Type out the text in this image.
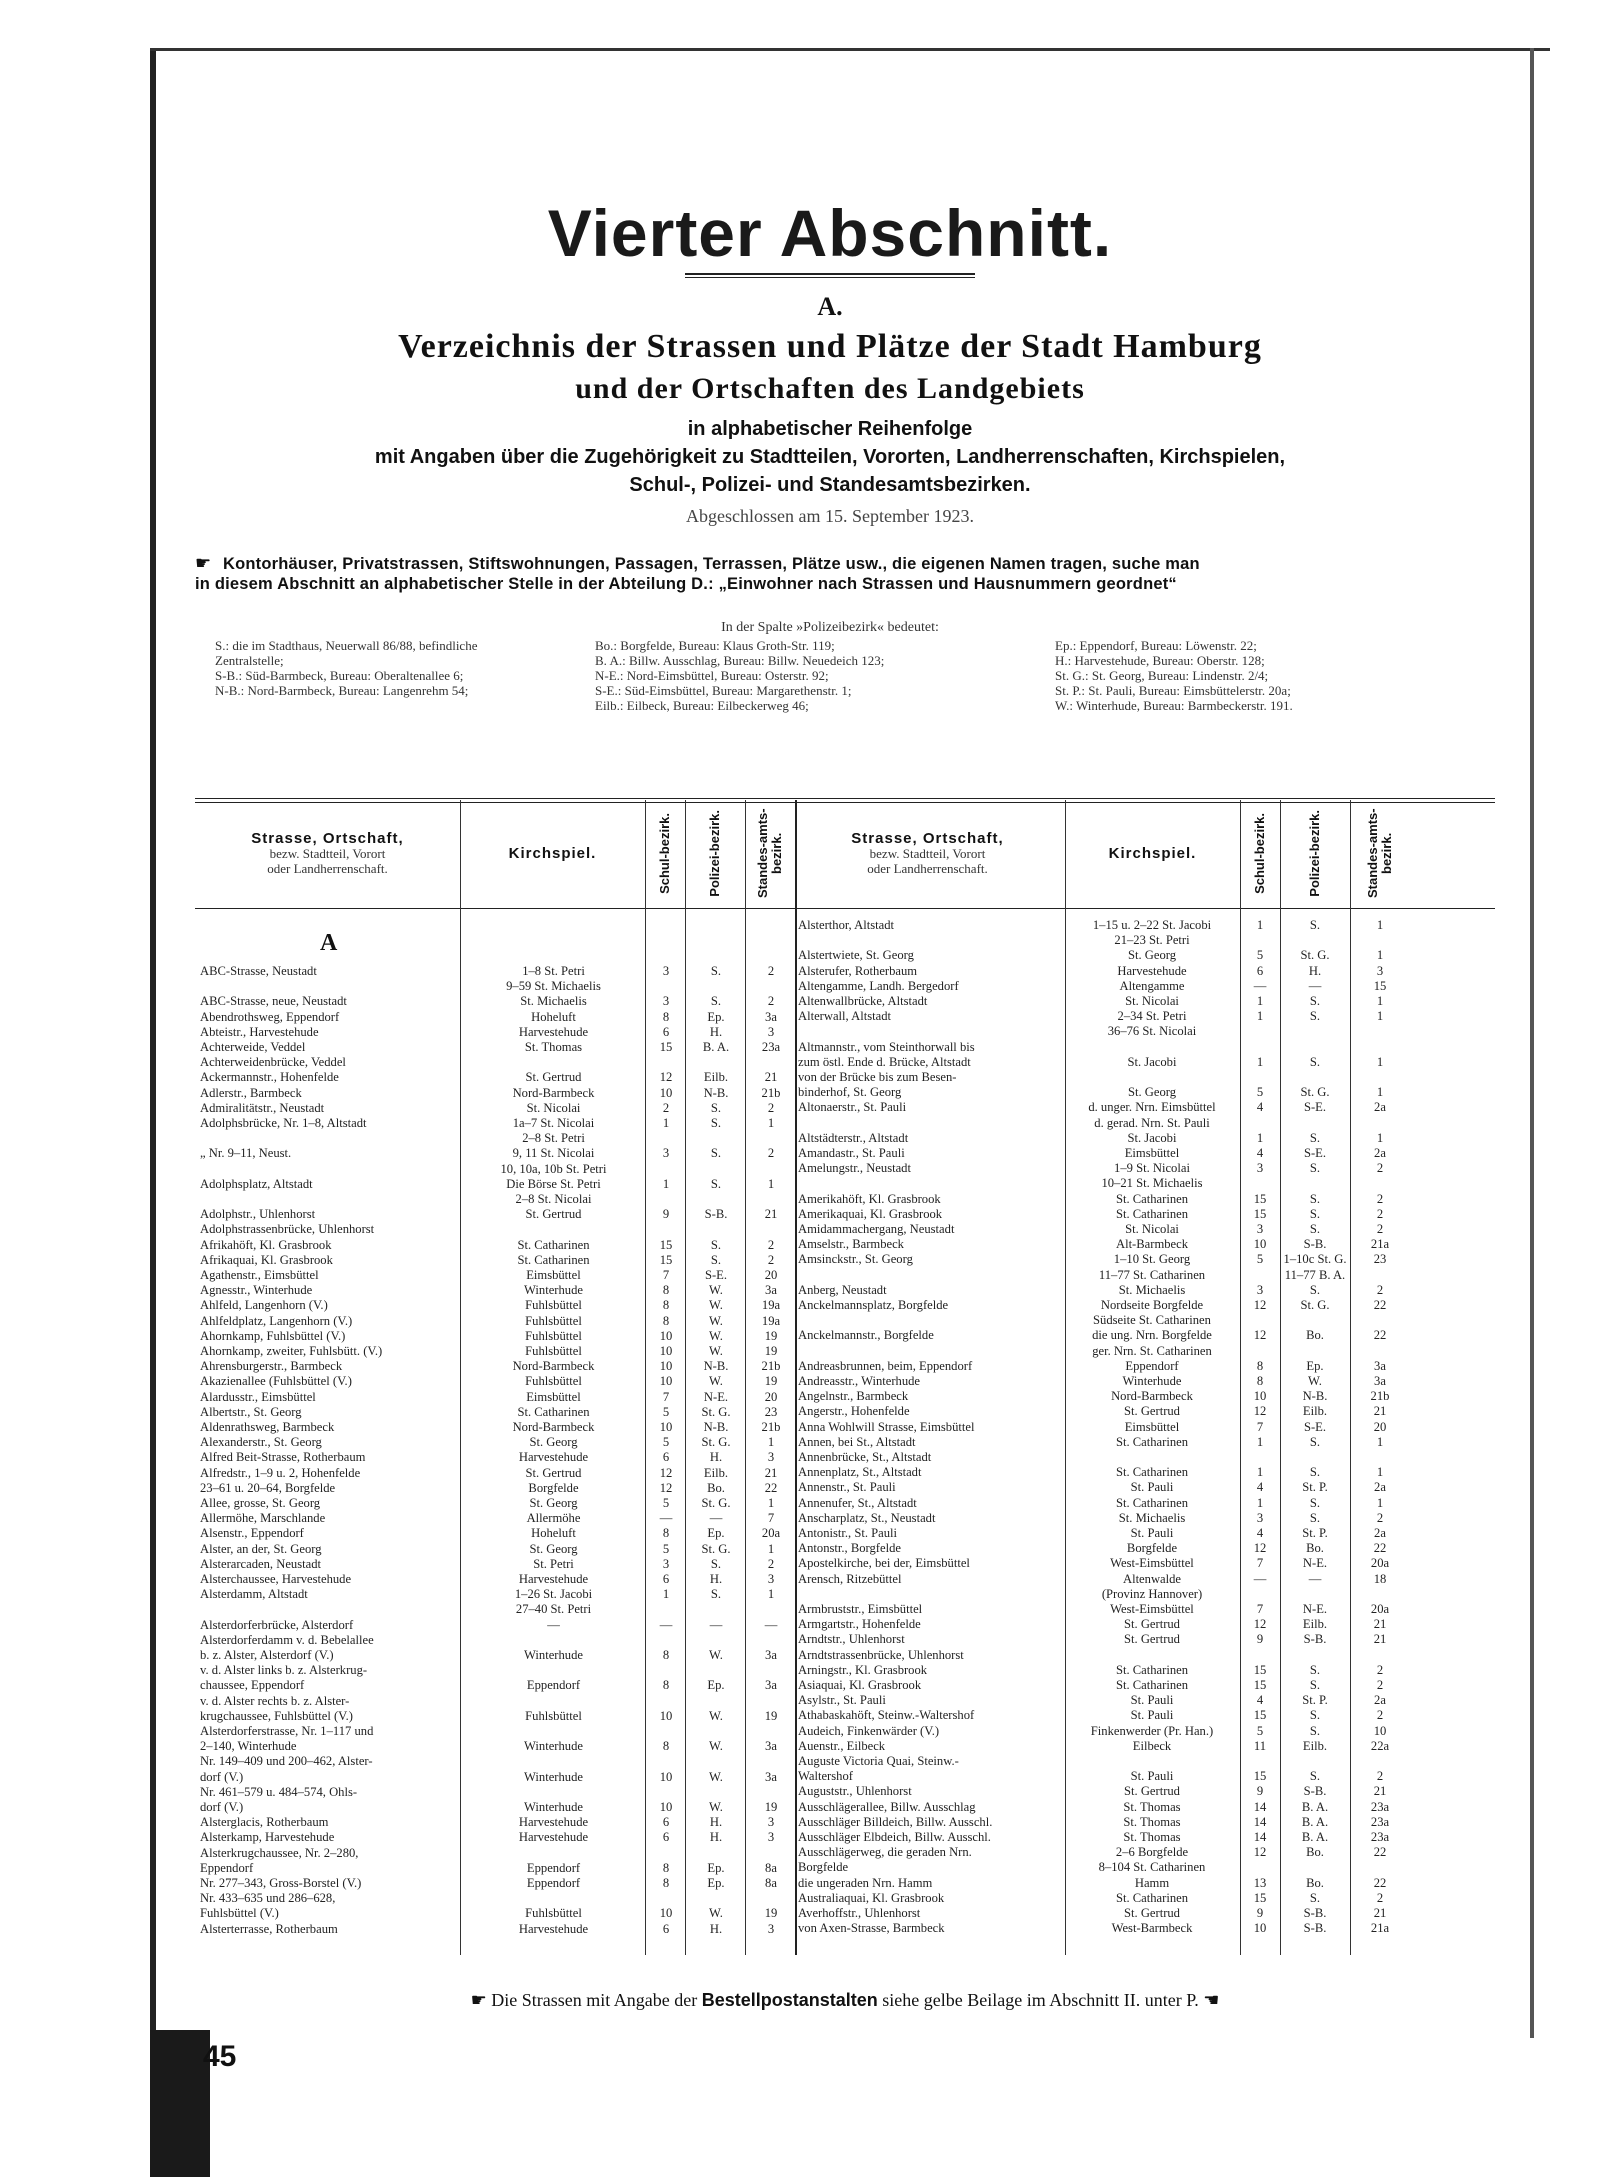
Vierter Abschnitt.
A.
Verzeichnis der Strassen und Plätze der Stadt Hamburg
und der Ortschaften des Landgebiets
in alphabetischer Reihenfolge
mit Angaben über die Zugehörigkeit zu Stadtteilen, Vororten, Landherrenschaften, Kirchspielen,
Schul-, Polizei- und Standesamtsbezirken.
Abgeschlossen am 15. September 1923.
☛ Kontorhäuser, Privatstrassen, Stiftswohnungen, Passagen, Terrassen, Plätze usw., die eigenen Namen tragen, suche man
in diesem Abschnitt an alphabetischer Stelle in der Abteilung D.: „Einwohner nach Strassen und Hausnummern geordnet“
In der Spalte »Polizeibezirk« bedeutet:
S.: die im Stadthaus, Neuerwall 86/88, befindliche
Zentralstelle;
S-B.: Süd-Barmbeck, Bureau: Oberaltenallee 6;
N-B.: Nord-Barmbeck, Bureau: Langenrehm 54;
Bo.: Borgfelde, Bureau: Klaus Groth-Str. 119;
B. A.: Billw. Ausschlag, Bureau: Billw. Neuedeich 123;
N-E.: Nord-Eimsbüttel, Bureau: Osterstr. 92;
S-E.: Süd-Eimsbüttel, Bureau: Margarethenstr. 1;
Eilb.: Eilbeck, Bureau: Eilbeckerweg 46;
Ep.: Eppendorf, Bureau: Löwenstr. 22;
H.: Harvestehude, Bureau: Oberstr. 128;
St. G.: St. Georg, Bureau: Lindenstr. 2/4;
St. P.: St. Pauli, Bureau: Eimsbüttelerstr. 20a;
W.: Winterhude, Bureau: Barmbeckerstr. 191.
Strasse, Ortschaft,
bezw. Stadtteil, Vorort
oder Landherrenschaft.
Kirchspiel.	Schul-bezirk.	Polizei-bezirk.	Standes-amts-bezirk.	Strasse, Ortschaft,
bezw. Stadtteil, Vorort
oder Landherrenschaft.
Kirchspiel.	Schul-bezirk.	Polizei-bezirk.	Standes-amts-bezirk.
A
ABC-Strasse, Neustadt	1–8 St. Petri	3	S.	2
9–59 St. Michaelis
ABC-Strasse, neue, Neustadt	St. Michaelis	3	S.	2
Abendrothsweg, Eppendorf	Hoheluft	8	Ep.	3a
Abteistr., Harvestehude	Harvestehude	6	H.	3
Achterweide, Veddel	St. Thomas	15	B. A.	23a
Achterweidenbrücke, Veddel
Ackermannstr., Hohenfelde	St. Gertrud	12	Eilb.	21
Adlerstr., Barmbeck	Nord-Barmbeck	10	N-B.	21b
Admiralitätstr., Neustadt	St. Nicolai	2	S.	2
Adolphsbrücke, Nr. 1–8, Altstadt	1a–7 St. Nicolai	1	S.	1
2–8 St. Petri
„ Nr. 9–11, Neust.	9, 11 St. Nicolai	3	S.	2
10, 10a, 10b St. Petri
Adolphsplatz, Altstadt	Die Börse St. Petri	1	S.	1
2–8 St. Nicolai
Adolphstr., Uhlenhorst	St. Gertrud	9	S-B.	21
Adolphstrassenbrücke, Uhlenhorst
Afrikahöft, Kl. Grasbrook	St. Catharinen	15	S.	2
Afrikaquai, Kl. Grasbrook	St. Catharinen	15	S.	2
Agathenstr., Eimsbüttel	Eimsbüttel	7	S-E.	20
Agnesstr., Winterhude	Winterhude	8	W.	3a
Ahlfeld, Langenhorn (V.)	Fuhlsbüttel	8	W.	19a
Ahlfeldplatz, Langenhorn (V.)	Fuhlsbüttel	8	W.	19a
Ahornkamp, Fuhlsbüttel (V.)	Fuhlsbüttel	10	W.	19
Ahornkamp, zweiter, Fuhlsbütt. (V.)	Fuhlsbüttel	10	W.	19
Ahrensburgerstr., Barmbeck	Nord-Barmbeck	10	N-B.	21b
Akazienallee (Fuhlsbüttel (V.)	Fuhlsbüttel	10	W.	19
Alardusstr., Eimsbüttel	Eimsbüttel	7	N-E.	20
Albertstr., St. Georg	St. Catharinen	5	St. G.	23
Aldenrathsweg, Barmbeck	Nord-Barmbeck	10	N-B.	21b
Alexanderstr., St. Georg	St. Georg	5	St. G.	1
Alfred Beit-Strasse, Rotherbaum	Harvestehude	6	H.	3
Alfredstr., 1–9 u. 2, Hohenfelde	St. Gertrud	12	Eilb.	21
23–61 u. 20–64, Borgfelde	Borgfelde	12	Bo.	22
Allee, grosse, St. Georg	St. Georg	5	St. G.	1
Allermöhe, Marschlande	Allermöhe	—	—	7
Alsenstr., Eppendorf	Hoheluft	8	Ep.	20a
Alster, an der, St. Georg	St. Georg	5	St. G.	1
Alsterarcaden, Neustadt	St. Petri	3	S.	2
Alsterchaussee, Harvestehude	Harvestehude	6	H.	3
Alsterdamm, Altstadt	1–26 St. Jacobi	1	S.	1
27–40 St. Petri
Alsterdorferbrücke, Alsterdorf	—	—	—	—
Alsterdorferdamm v. d. Bebelallee
b. z. Alster, Alsterdorf (V.)	Winterhude	8	W.	3a
v. d. Alster links b. z. Alsterkrug-
chaussee, Eppendorf	Eppendorf	8	Ep.	3a
v. d. Alster rechts b. z. Alster-
krugchaussee, Fuhlsbüttel (V.)	Fuhlsbüttel	10	W.	19
Alsterdorferstrasse, Nr. 1–117 und
2–140, Winterhude	Winterhude	8	W.	3a
Nr. 149–409 und 200–462, Alster-
dorf (V.)	Winterhude	10	W.	3a
Nr. 461–579 u. 484–574, Ohls-
dorf (V.)	Winterhude	10	W.	19
Alsterglacis, Rotherbaum	Harvestehude	6	H.	3
Alsterkamp, Harvestehude	Harvestehude	6	H.	3
Alsterkrugchaussee, Nr. 2–280,
Eppendorf	Eppendorf	8	Ep.	8a
Nr. 277–343, Gross-Borstel (V.)	Eppendorf	8	Ep.	8a
Nr. 433–635 und 286–628,
Fuhlsbüttel (V.)	Fuhlsbüttel	10	W.	19
Alsterterrasse, Rotherbaum	Harvestehude	6	H.	3
Alsterthor, Altstadt	1–15 u. 2–22 St. Jacobi	1	S.	1
21–23 St. Petri
Alstertwiete, St. Georg	St. Georg	5	St. G.	1
Alsterufer, Rotherbaum	Harvestehude	6	H.	3
Altengamme, Landh. Bergedorf	Altengamme	—	—	15
Altenwallbrücke, Altstadt	St. Nicolai	1	S.	1
Alterwall, Altstadt	2–34 St. Petri	1	S.	1
36–76 St. Nicolai
Altmannstr., vom Steinthorwall bis
zum östl. Ende d. Brücke, Altstadt	St. Jacobi	1	S.	1
von der Brücke bis zum Besen-
binderhof, St. Georg	St. Georg	5	St. G.	1
Altonaerstr., St. Pauli	d. unger. Nrn. Eimsbüttel	4	S-E.	2a
d. gerad. Nrn. St. Pauli
Altstädterstr., Altstadt	St. Jacobi	1	S.	1
Amandastr., St. Pauli	Eimsbüttel	4	S-E.	2a
Amelungstr., Neustadt	1–9 St. Nicolai	3	S.	2
10–21 St. Michaelis
Amerikahöft, Kl. Grasbrook	St. Catharinen	15	S.	2
Amerikaquai, Kl. Grasbrook	St. Catharinen	15	S.	2
Amidammachergang, Neustadt	St. Nicolai	3	S.	2
Amselstr., Barmbeck	Alt-Barmbeck	10	S-B.	21a
Amsinckstr., St. Georg	1–10 St. Georg	5	1–10c St. G.	23
11–77 St. Catharinen	11–77 B. A.
Anberg, Neustadt	St. Michaelis	3	S.	2
Anckelmannsplatz, Borgfelde	Nordseite Borgfelde	12	St. G.	22
Südseite St. Catharinen
Anckelmannstr., Borgfelde	die ung. Nrn. Borgfelde	12	Bo.	22
ger. Nrn. St. Catharinen
Andreasbrunnen, beim, Eppendorf	Eppendorf	8	Ep.	3a
Andreasstr., Winterhude	Winterhude	8	W.	3a
Angelnstr., Barmbeck	Nord-Barmbeck	10	N-B.	21b
Angerstr., Hohenfelde	St. Gertrud	12	Eilb.	21
Anna Wohlwill Strasse, Eimsbüttel	Eimsbüttel	7	S-E.	20
Annen, bei St., Altstadt	St. Catharinen	1	S.	1
Annenbrücke, St., Altstadt
Annenplatz, St., Altstadt	St. Catharinen	1	S.	1
Annenstr., St. Pauli	St. Pauli	4	St. P.	2a
Annenufer, St., Altstadt	St. Catharinen	1	S.	1
Anscharplatz, St., Neustadt	St. Michaelis	3	S.	2
Antonistr., St. Pauli	St. Pauli	4	St. P.	2a
Antonstr., Borgfelde	Borgfelde	12	Bo.	22
Apostelkirche, bei der, Eimsbüttel	West-Eimsbüttel	7	N-E.	20a
Arensch, Ritzebüttel	Altenwalde	—	—	18
(Provinz Hannover)
Armbruststr., Eimsbüttel	West-Eimsbüttel	7	N-E.	20a
Armgartstr., Hohenfelde	St. Gertrud	12	Eilb.	21
Arndtstr., Uhlenhorst	St. Gertrud	9	S-B.	21
Arndtstrassenbrücke, Uhlenhorst
Arningstr., Kl. Grasbrook	St. Catharinen	15	S.	2
Asiaquai, Kl. Grasbrook	St. Catharinen	15	S.	2
Asylstr., St. Pauli	St. Pauli	4	St. P.	2a
Athabaskahöft, Steinw.-Waltershof	St. Pauli	15	S.	2
Audeich, Finkenwärder (V.)	Finkenwerder (Pr. Han.)	5	S.	10
Auenstr., Eilbeck	Eilbeck	11	Eilb.	22a
Auguste Victoria Quai, Steinw.-
Waltershof	St. Pauli	15	S.	2
Auguststr., Uhlenhorst	St. Gertrud	9	S-B.	21
Ausschlägerallee, Billw. Ausschlag	St. Thomas	14	B. A.	23a
Ausschläger Billdeich, Billw. Ausschl.	St. Thomas	14	B. A.	23a
Ausschläger Elbdeich, Billw. Ausschl.	St. Thomas	14	B. A.	23a
Ausschlägerweg, die geraden Nrn.	2–6 Borgfelde	12	Bo.	22
Borgfelde	8–104 St. Catharinen
die ungeraden Nrn. Hamm	Hamm	13	Bo.	22
Australiaquai, Kl. Grasbrook	St. Catharinen	15	S.	2
Averhoffstr., Uhlenhorst	St. Gertrud	9	S-B.	21
von Axen-Strasse, Barmbeck	West-Barmbeck	10	S-B.	21a
☛ Die Strassen mit Angabe der Bestellpostanstalten siehe gelbe Beilage im Abschnitt II. unter P. ☚
45
